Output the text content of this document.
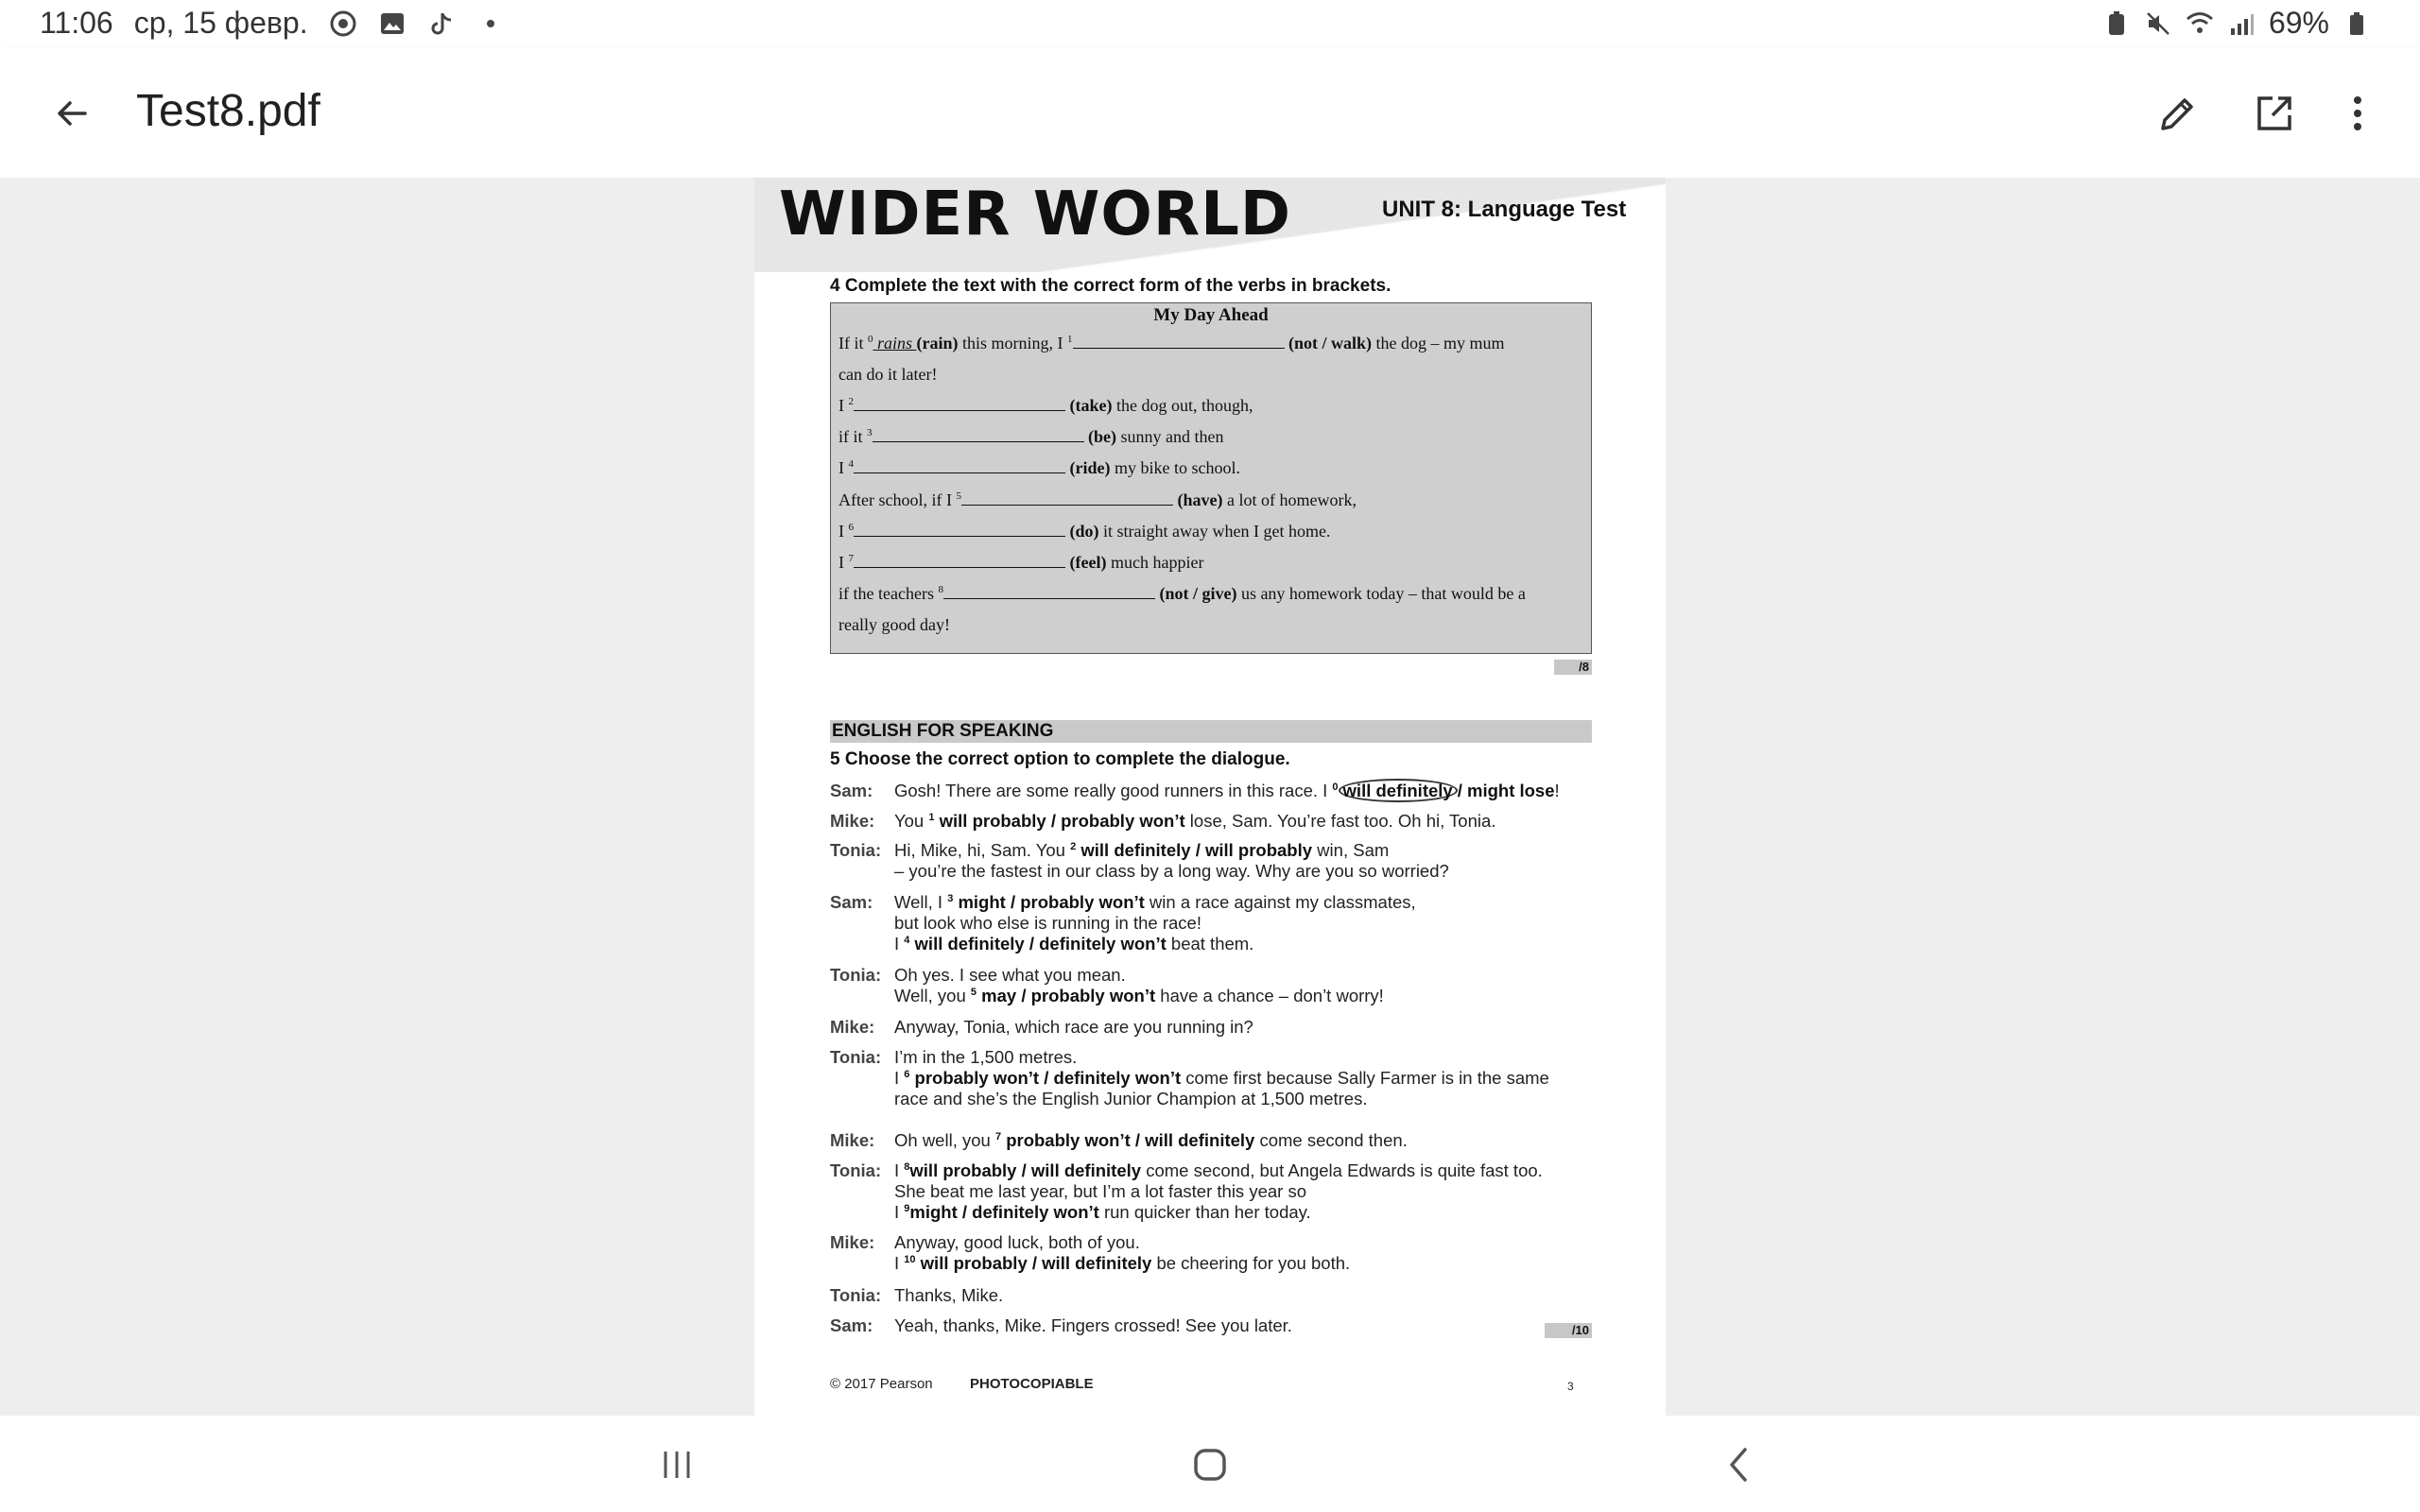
11:06 ср, 15 февр.	69%
Test8.pdf
WIDER WORLD	UNIT 8: Language Test
4 Complete the text with the correct form of the verbs in brackets.
My Day Ahead
If it $^0$ rains (rain) this morning, I $^1$	(not / walk) the dog – my mum
can do it later!
I $^2$	(take) the dog out, though,
if it $^3$	(be) sunny and then
I $^4$	(ride) my bike to school.
After school, if I $^5$	(have) a lot of homework,
I $^6$	(do) it straight away when I get home.
I $^7$	(feel) much happier
if the teachers $^8$	(not / give) us any homework today – that would be a
really good day!
/8
ENGLISH FOR SPEAKING
5 Choose the correct option to complete the dialogue.
Sam: Gosh! There are some really good runners in this race. I $^0$ will definitely / might lose!
Mike: You $^1$ will probably / probably won’t lose, Sam. You’re fast too. Oh hi, Tonia.
Tonia: Hi, Mike, hi, Sam. You $^2$ will definitely / will probably win, Sam
– you’re the fastest in our class by a long way. Why are you so worried?
Sam: Well, I $^3$ might / probably won’t win a race against my classmates,
but look who else is running in the race!
I $^4$ will definitely / definitely won’t beat them.
Tonia: Oh yes. I see what you mean.
Well, you $^5$ may / probably won’t have a chance – don’t worry!
Mike: Anyway, Tonia, which race are you running in?
Tonia: I’m in the 1,500 metres.
I $^6$ probably won’t / definitely won’t come first because Sally Farmer is in the same
race and she’s the English Junior Champion at 1,500 metres.
Mike: Oh well, you $^7$ probably won’t / will definitely come second then.
Tonia: I $^8$will probably / will definitely come second, but Angela Edwards is quite fast too.
She beat me last year, but I’m a lot faster this year so
I $^9$might / definitely won’t run quicker than her today.
Mike: Anyway, good luck, both of you.
I $^{10}$ will probably / will definitely be cheering for you both.
Tonia: Thanks, Mike.
Sam: Yeah, thanks, Mike. Fingers crossed! See you later.	/10
© 2017 Pearson	PHOTOCOPIABLE	3
